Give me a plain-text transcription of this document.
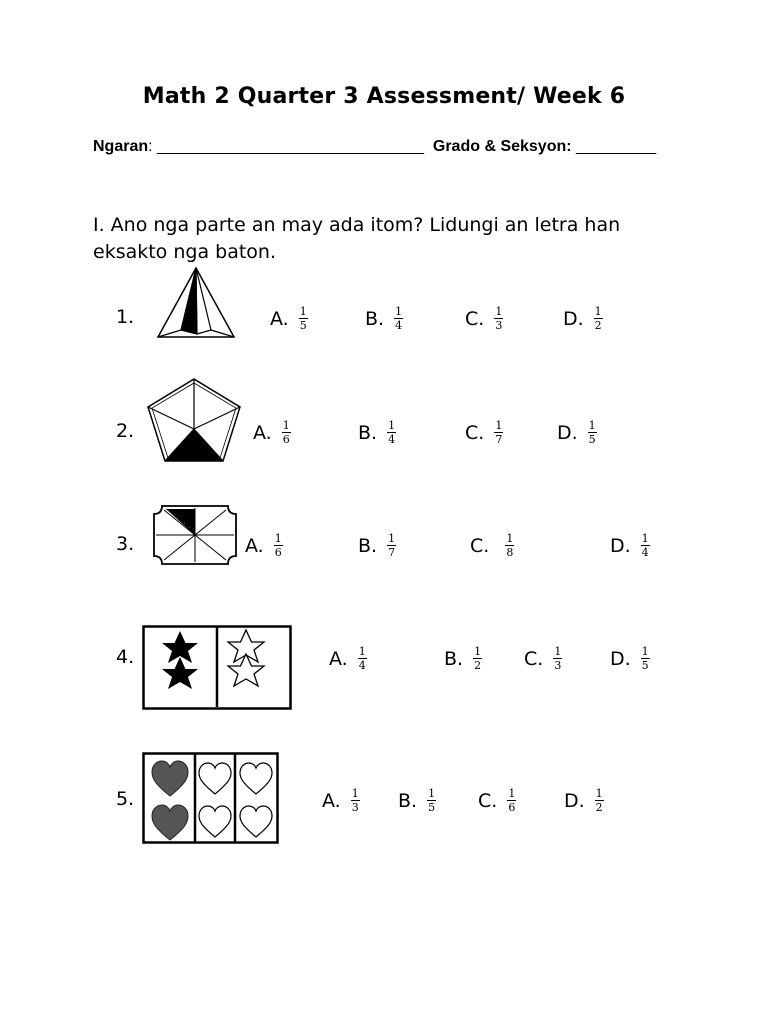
Math 2 Quarter 3 Assessment/ Week 6
Ngaran: ______________________________ Grado & Seksyon: _________
I. Ano nga parte an may ada itom? Lidungi an letra han eksakto nga baton.
1.	A. $\frac{1}{5}$	B. $\frac{1}{4}$	C. $\frac{1}{3}$	D. $\frac{1}{2}$
2.	A. $\frac{1}{6}$	B. $\frac{1}{4}$	C. $\frac{1}{7}$	D. $\frac{1}{5}$
3.	A. $\frac{1}{6}$	B. $\frac{1}{7}$	C. $\frac{1}{8}$	D. $\frac{1}{4}$
4.	A. $\frac{1}{4}$	B. $\frac{1}{2} C$. $\frac{1}{3}$	D. $\frac{1}{5}$
5.	A. $\frac{1}{3} B$. $\frac{1}{5} C$. $\frac{1}{6}$	D. $\frac{1}{2}$
